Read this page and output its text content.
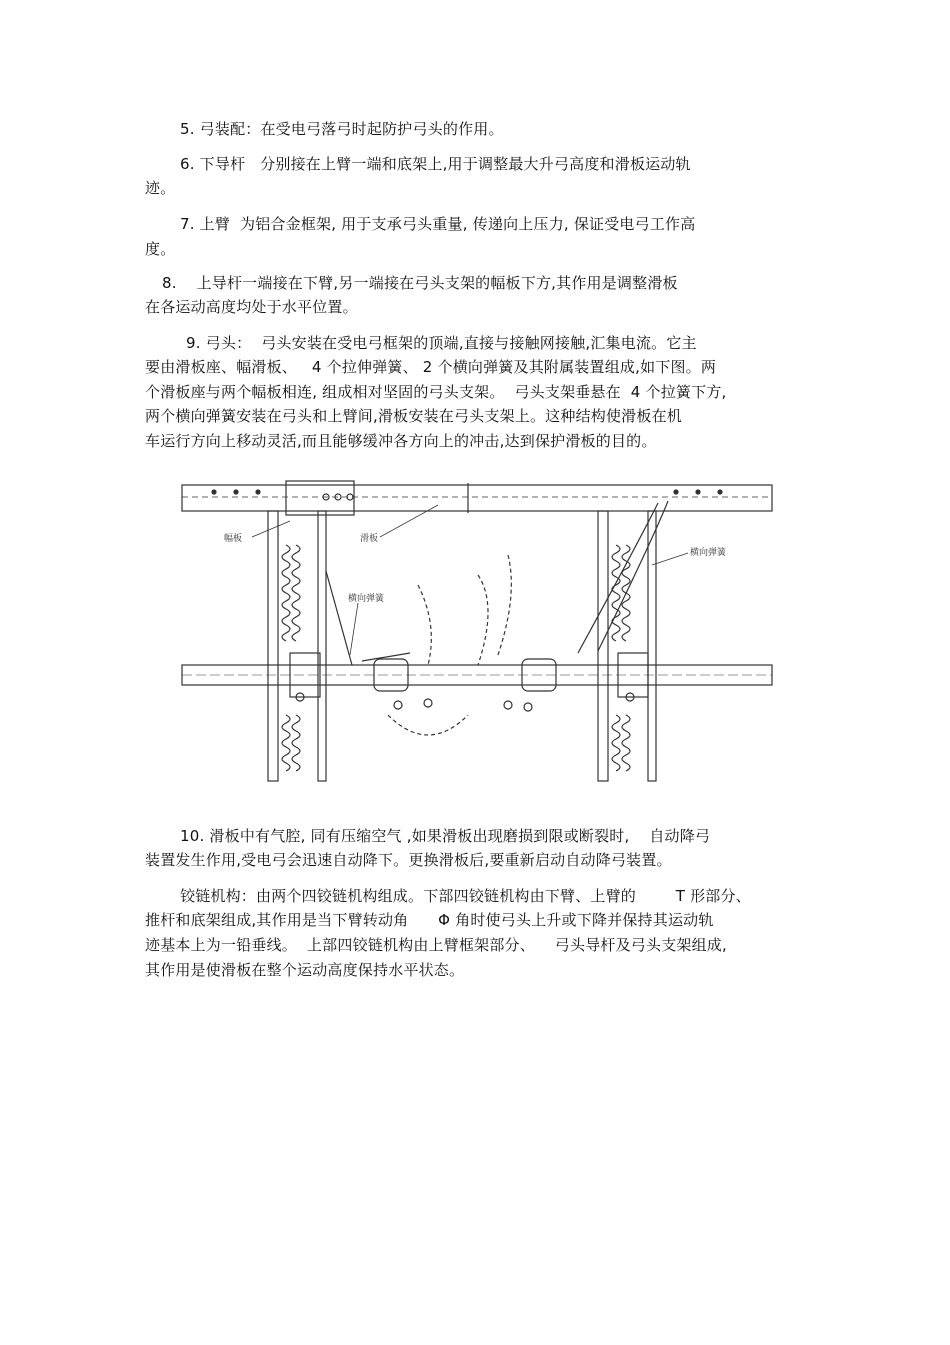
5. 弓装配：在受电弓落弓时起防护弓头的作用。
6. 下导杆   分别接在上臂一端和底架上,用于调整最大升弓高度和滑板运动轨
迹。
7. 上臂  为铝合金框架, 用于支承弓头重量, 传递向上压力, 保证受电弓工作高
度。
8.    上导杆一端接在下臂,另一端接在弓头支架的幅板下方,其作用是调整滑板
在各运动高度均处于水平位置。
9. 弓头：  弓头安装在受电弓框架的顶端,直接与接触网接触,汇集电流。它主
要由滑板座、幅滑板、   4 个拉伸弹簧、 2 个横向弹簧及其附属装置组成,如下图。两
个滑板座与两个幅板相连, 组成相对坚固的弓头支架。  弓头支架垂悬在  4 个拉簧下方,
两个横向弹簧安装在弓头和上臂间,滑板安装在弓头支架上。这种结构使滑板在机
车运行方向上移动灵活,而且能够缓冲各方向上的冲击,达到保护滑板的目的。
幅板	滑板
横向弹簧
横向弹簧
10. 滑板中有气腔, 同有压缩空气 ,如果滑板出现磨损到限或断裂时,    自动降弓
装置发生作用,受电弓会迅速自动降下。更换滑板后,要重新启动自动降弓装置。
铰链机构：由两个四铰链机构组成。下部四铰链机构由下臂、上臂的        T 形部分、
推杆和底架组成,其作用是当下臂转动角      Φ 角时使弓头上升或下降并保持其运动轨
迹基本上为一铅垂线。  上部四铰链机构由上臂框架部分、    弓头导杆及弓头支架组成,
其作用是使滑板在整个运动高度保持水平状态。
